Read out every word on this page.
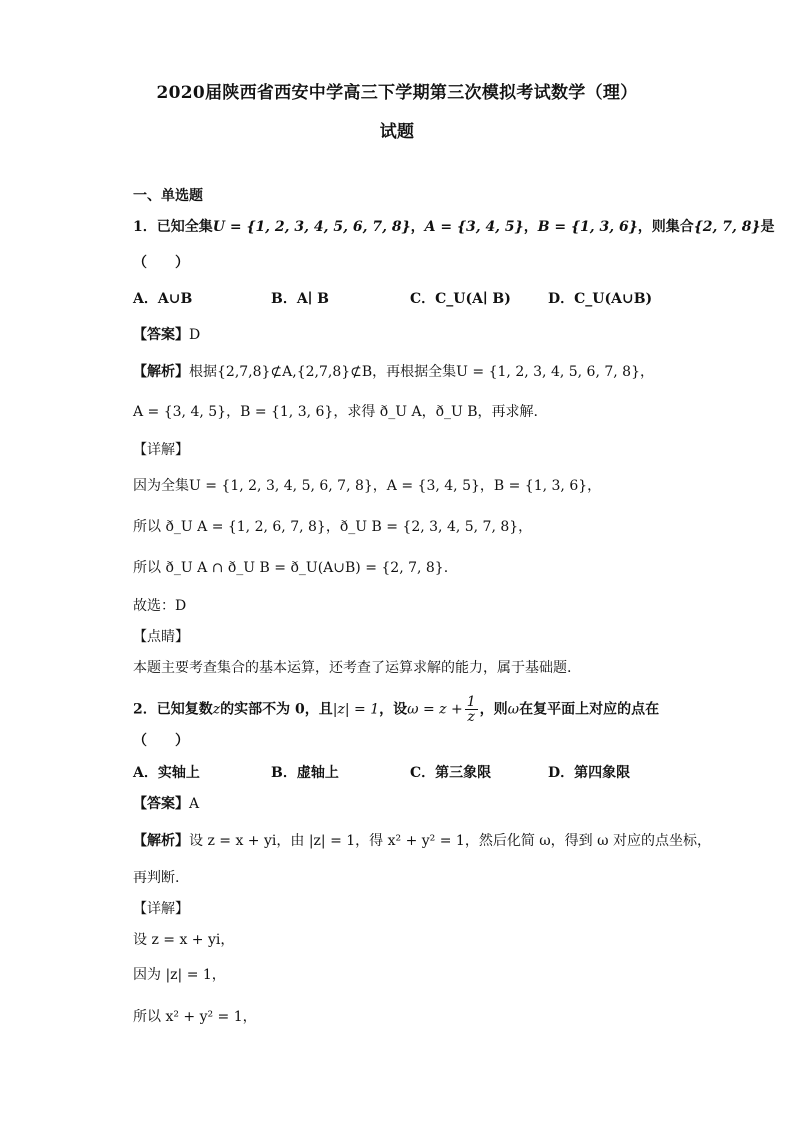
2020届陕西省西安中学高三下学期第三次模拟考试数学（理）
试题
一、单选题
1．已知全集U = {1, 2, 3, 4, 5, 6, 7, 8}，A = {3, 4, 5}，B = {1, 3, 6}，则集合{2, 7, 8}是
（　　）
A．A∪B	B．A∣ B	C．C_U(A∣ B)	D．C_U(A∪B)
【答案】D
【解析】根据{2,7,8}⊄A,{2,7,8}⊄B，再根据全集U = {1, 2, 3, 4, 5, 6, 7, 8}，
A = {3, 4, 5}，B = {1, 3, 6}，求得 ð_U A，ð_U B，再求解.
【详解】
因为全集U = {1, 2, 3, 4, 5, 6, 7, 8}，A = {3, 4, 5}，B = {1, 3, 6}，
所以 ð_U A = {1, 2, 6, 7, 8}，ð_U B = {2, 3, 4, 5, 7, 8}，
所以 ð_U A ∩ ð_U B = ð_U(A∪B) = {2, 7, 8}.
故选：D
【点睛】
本题主要考查集合的基本运算，还考查了运算求解的能力，属于基础题.
2．已知复数z的实部不为 0，且|z| = 1，设$\omega = z + \frac{1}{z}$ ，则ω在复平面上对应的点在
（　　）
A．实轴上	B．虚轴上	C．第三象限	D．第四象限
【答案】A
【解析】设 z = x + yi，由 |z| = 1，得 x² + y² = 1，然后化简 ω，得到 ω 对应的点坐标，
再判断.
【详解】
设 z = x + yi，
因为 |z| = 1，
所以 x² + y² = 1，
